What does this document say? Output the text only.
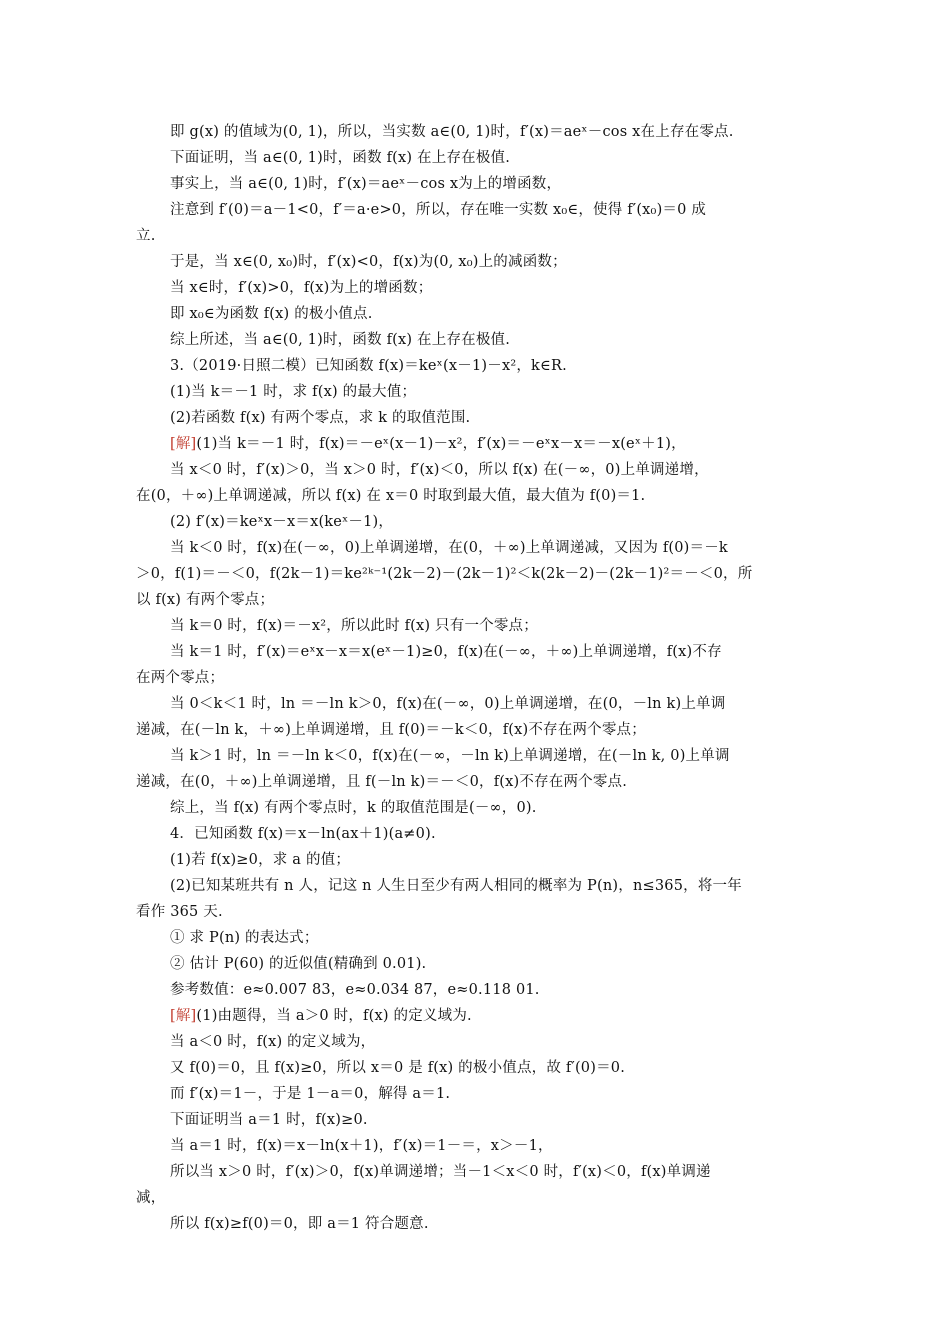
即 g(x) 的值域为(0, 1)，所以，当实数 a∈(0, 1)时，f′(x)＝aeˣ－cos x在上存在零点.
下面证明，当 a∈(0, 1)时，函数 f(x) 在上存在极值.
事实上，当 a∈(0, 1)时，f′(x)＝aeˣ－cos x为上的增函数，
注意到 f′(0)＝a－1<0，f′＝a·e>0，所以，存在唯一实数 x₀∈，使得 f′(x₀)＝0 成
立.
于是，当 x∈(0, x₀)时，f′(x)<0，f(x)为(0, x₀)上的减函数；
当 x∈时，f′(x)>0，f(x)为上的增函数；
即 x₀∈为函数 f(x) 的极小值点.
综上所述，当 a∈(0, 1)时，函数 f(x) 在上存在极值.
3.（2019·日照二模）已知函数 f(x)＝keˣ(x－1)－x²，k∈R.
(1)当 k＝－1 时，求 f(x) 的最大值；
(2)若函数 f(x) 有两个零点，求 k 的取值范围.
[解](1)当 k＝－1 时，f(x)＝－eˣ(x－1)－x²，f′(x)＝－eˣx－x＝－x(eˣ＋1)，
当 x＜0 时，f′(x)＞0，当 x＞0 时，f′(x)＜0，所以 f(x) 在(－∞，0)上单调递增，
在(0，＋∞)上单调递减，所以 f(x) 在 x＝0 时取到最大值，最大值为 f(0)＝1.
(2) f′(x)＝keˣx－x＝x(keˣ－1)，
当 k＜0 时，f(x)在(－∞，0)上单调递增，在(0，＋∞)上单调递减，又因为 f(0)＝－k
＞0，f(1)＝－＜0，f(2k－1)＝ke²ᵏ⁻¹(2k－2)－(2k－1)²＜k(2k－2)－(2k－1)²＝－＜0，所
以 f(x) 有两个零点；
当 k＝0 时，f(x)＝－x²，所以此时 f(x) 只有一个零点；
当 k＝1 时，f′(x)＝eˣx－x＝x(eˣ－1)≥0，f(x)在(－∞，＋∞)上单调递增，f(x)不存
在两个零点；
当 0＜k＜1 时，ln ＝－ln k＞0，f(x)在(－∞，0)上单调递增，在(0，－ln k)上单调
递减，在(－ln k，＋∞)上单调递增，且 f(0)＝－k＜0，f(x)不存在两个零点；
当 k＞1 时，ln ＝－ln k＜0，f(x)在(－∞，－ln k)上单调递增，在(－ln k, 0)上单调
递减，在(0，＋∞)上单调递增，且 f(－ln k)＝－＜0，f(x)不存在两个零点.
综上，当 f(x) 有两个零点时，k 的取值范围是(－∞，0).
4．已知函数 f(x)＝x－ln(ax＋1)(a≠0).
(1)若 f(x)≥0，求 a 的值；
(2)已知某班共有 n 人，记这 n 人生日至少有两人相同的概率为 P(n)，n≤365，将一年
看作 365 天.
① 求 P(n) 的表达式；
② 估计 P(60) 的近似值(精确到 0.01).
参考数值：e≈0.007 83，e≈0.034 87，e≈0.118 01.
[解](1)由题得，当 a＞0 时，f(x) 的定义域为.
当 a＜0 时，f(x) 的定义域为，
又 f(0)＝0，且 f(x)≥0，所以 x＝0 是 f(x) 的极小值点，故 f′(0)＝0.
而 f′(x)＝1－，于是 1－a＝0，解得 a＝1.
下面证明当 a＝1 时，f(x)≥0.
当 a＝1 时，f(x)＝x－ln(x＋1)，f′(x)＝1－＝，x＞－1，
所以当 x＞0 时，f′(x)＞0，f(x)单调递增；当－1＜x＜0 时，f′(x)＜0，f(x)单调递
减，
所以 f(x)≥f(0)＝0，即 a＝1 符合题意.
